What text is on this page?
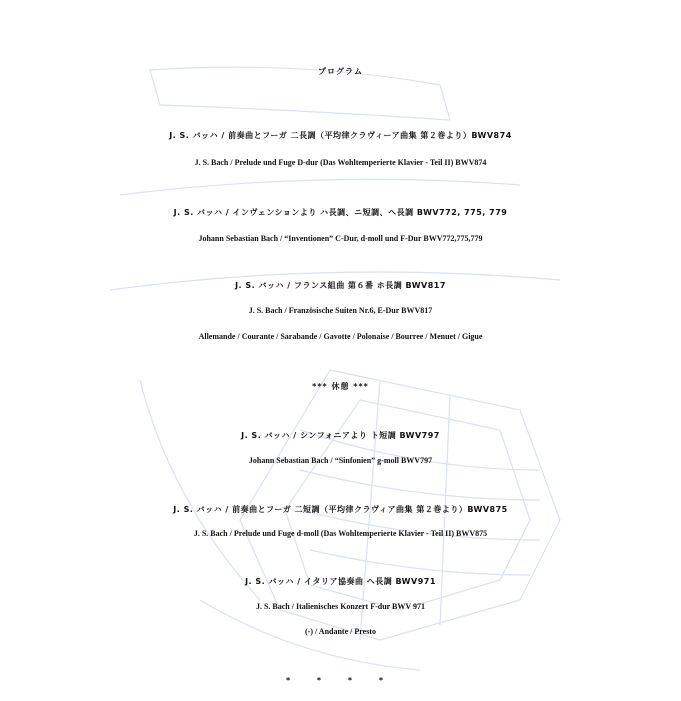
プログラム
J. S. バッハ / 前奏曲とフーガ 二長調（平均律クラヴィーア曲集 第２巻より）BWV874
J. S. Bach / Prelude und Fuge D-dur (Das Wohltemperierte Klavier - Teil II) BWV874
J. S. バッハ / インヴェンションより ハ長調、ニ短調、ヘ長調 BWV772, 775, 779
Johann Sebastian Bach / “Inventionen” C-Dur, d-moll und F-Dur BWV772,775,779
J. S. バッハ / フランス組曲 第６番 ホ長調 BWV817
J. S. Bach / Französische Suiten Nr.6, E-Dur BWV817
Allemande / Courante / Sarabande / Gavotte / Polonaise / Bourree / Menuet / Gigue
*** 休憩 ***
J. S. バッハ / シンフォニアより ト短調 BWV797
Johann Sebastian Bach / “Sinfonien” g-moll BWV797
J. S. バッハ / 前奏曲とフーガ 二短調（平均律クラヴィア曲集 第２巻より）BWV875
J. S. Bach / Prelude und Fuge d-moll (Das Wohltemperierte Klavier - Teil II) BWV875
J. S. バッハ / イタリア協奏曲 ヘ長調 BWV971
J. S. Bach / Italienisches Konzert F-dur BWV 971
(-) / Andante / Presto
* * * *
